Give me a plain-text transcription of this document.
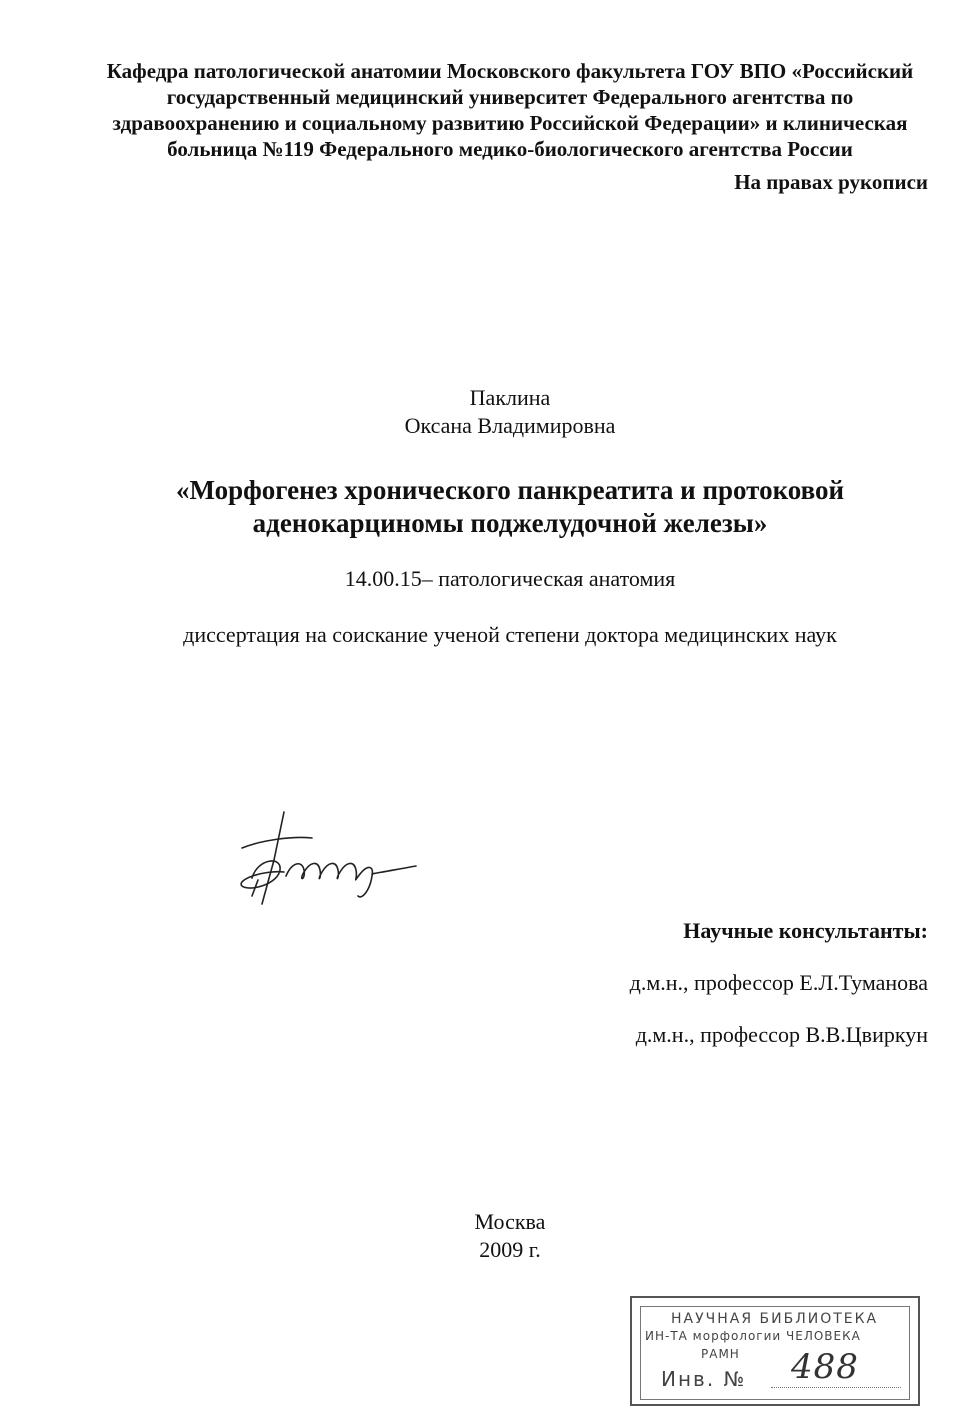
Кафедра патологической анатомии Московского факультета ГОУ ВПО «Российский
государственный медицинский университет Федерального агентства по
здравоохранению и социальному развитию Российской Федерации» и клиническая
больница №119 Федерального медико-биологического агентства России
На правах рукописи
Паклина
Оксана Владимировна
«Морфогенез хронического панкреатита и протоковой
аденокарциномы поджелудочной железы»
14.00.15– патологическая анатомия
диссертация на соискание ученой степени доктора медицинских наук
Научные консультанты:
д.м.н., профессор Е.Л.Туманова
д.м.н., профессор В.В.Цвиркун
Москва
2009 г.
НАУЧНАЯ БИБЛИОТЕКА
ИН-ТА морфологии ЧЕЛОВЕКА
РАМН
Инв. № 488
